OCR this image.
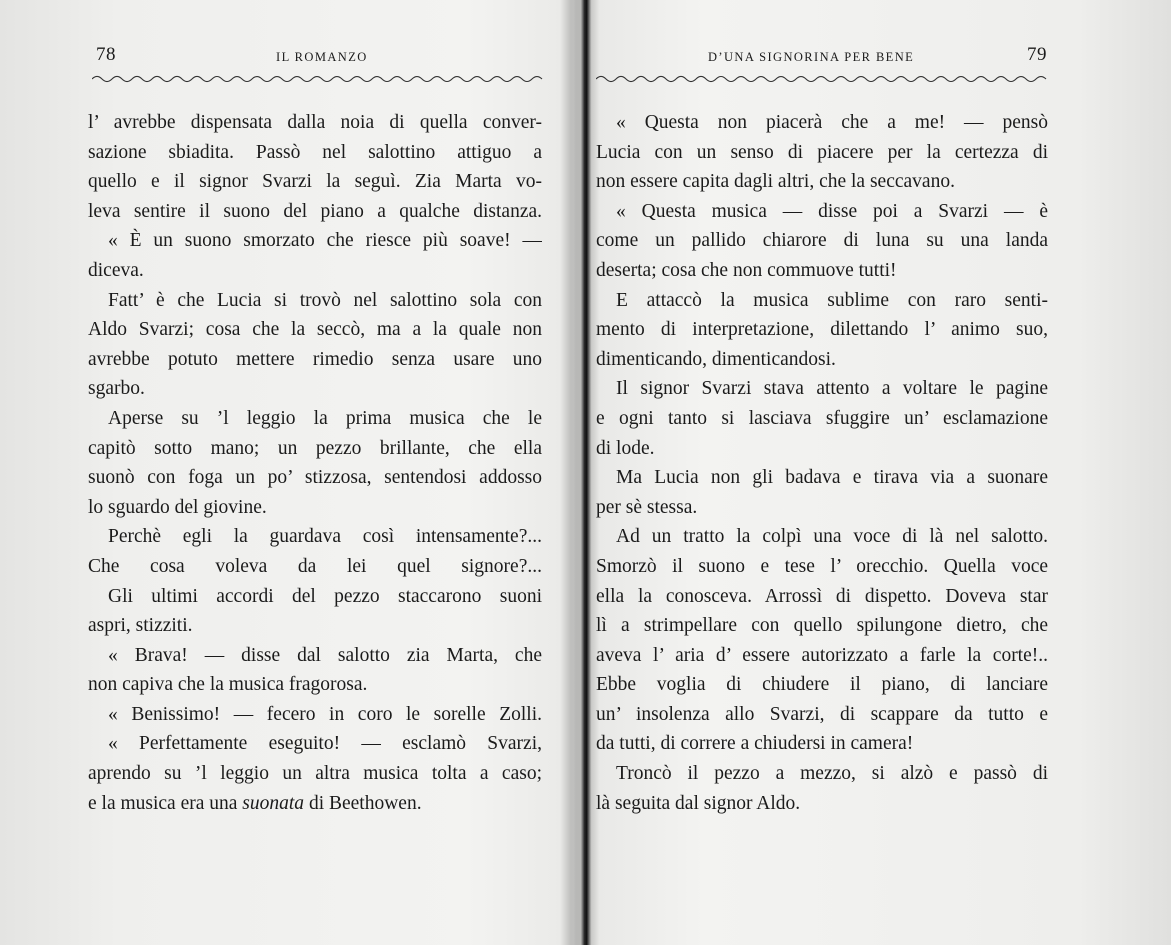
78	IL ROMANZO
l’ avrebbe dispensata dalla noia di quella conver-
sazione sbiadita. Passò nel salottino attiguo a
quello e il signor Svarzi la seguì. Zia Marta vo-
leva sentire il suono del piano a qualche distanza.
« È un suono smorzato che riesce più soave! —
diceva.
Fatt’ è che Lucia si trovò nel salottino sola con
Aldo Svarzi; cosa che la seccò, ma a la quale non
avrebbe potuto mettere rimedio senza usare uno
sgarbo.
Aperse su ’l leggio la prima musica che le
capitò sotto mano; un pezzo brillante, che ella
suonò con foga un po’ stizzosa, sentendosi addosso
lo sguardo del giovine.
Perchè egli la guardava così intensamente?...
Che cosa voleva da lei quel signore?...
Gli ultimi accordi del pezzo staccarono suoni
aspri, stizziti.
« Brava! — disse dal salotto zia Marta, che
non capiva che la musica fragorosa.
« Benissimo! — fecero in coro le sorelle Zolli.
« Perfettamente eseguito! — esclamò Svarzi,
aprendo su ’l leggio un altra musica tolta a caso;
e la musica era una suonata di Beethowen.
D’UNA SIGNORINA PER BENE	79
« Questa non piacerà che a me! — pensò
Lucia con un senso di piacere per la certezza di
non essere capita dagli altri, che la seccavano.
« Questa musica — disse poi a Svarzi — è
come un pallido chiarore di luna su una landa
deserta; cosa che non commuove tutti!
E attaccò la musica sublime con raro senti-
mento di interpretazione, dilettando l’ animo suo,
dimenticando, dimenticandosi.
Il signor Svarzi stava attento a voltare le pagine
e ogni tanto si lasciava sfuggire un’ esclamazione
di lode.
Ma Lucia non gli badava e tirava via a suonare
per sè stessa.
Ad un tratto la colpì una voce di là nel salotto.
Smorzò il suono e tese l’ orecchio. Quella voce
ella la conosceva. Arrossì di dispetto. Doveva star
lì a strimpellare con quello spilungone dietro, che
aveva l’ aria d’ essere autorizzato a farle la corte!..
Ebbe voglia di chiudere il piano, di lanciare
un’ insolenza allo Svarzi, di scappare da tutto e
da tutti, di correre a chiudersi in camera!
Troncò il pezzo a mezzo, si alzò e passò di
là seguita dal signor Aldo.
